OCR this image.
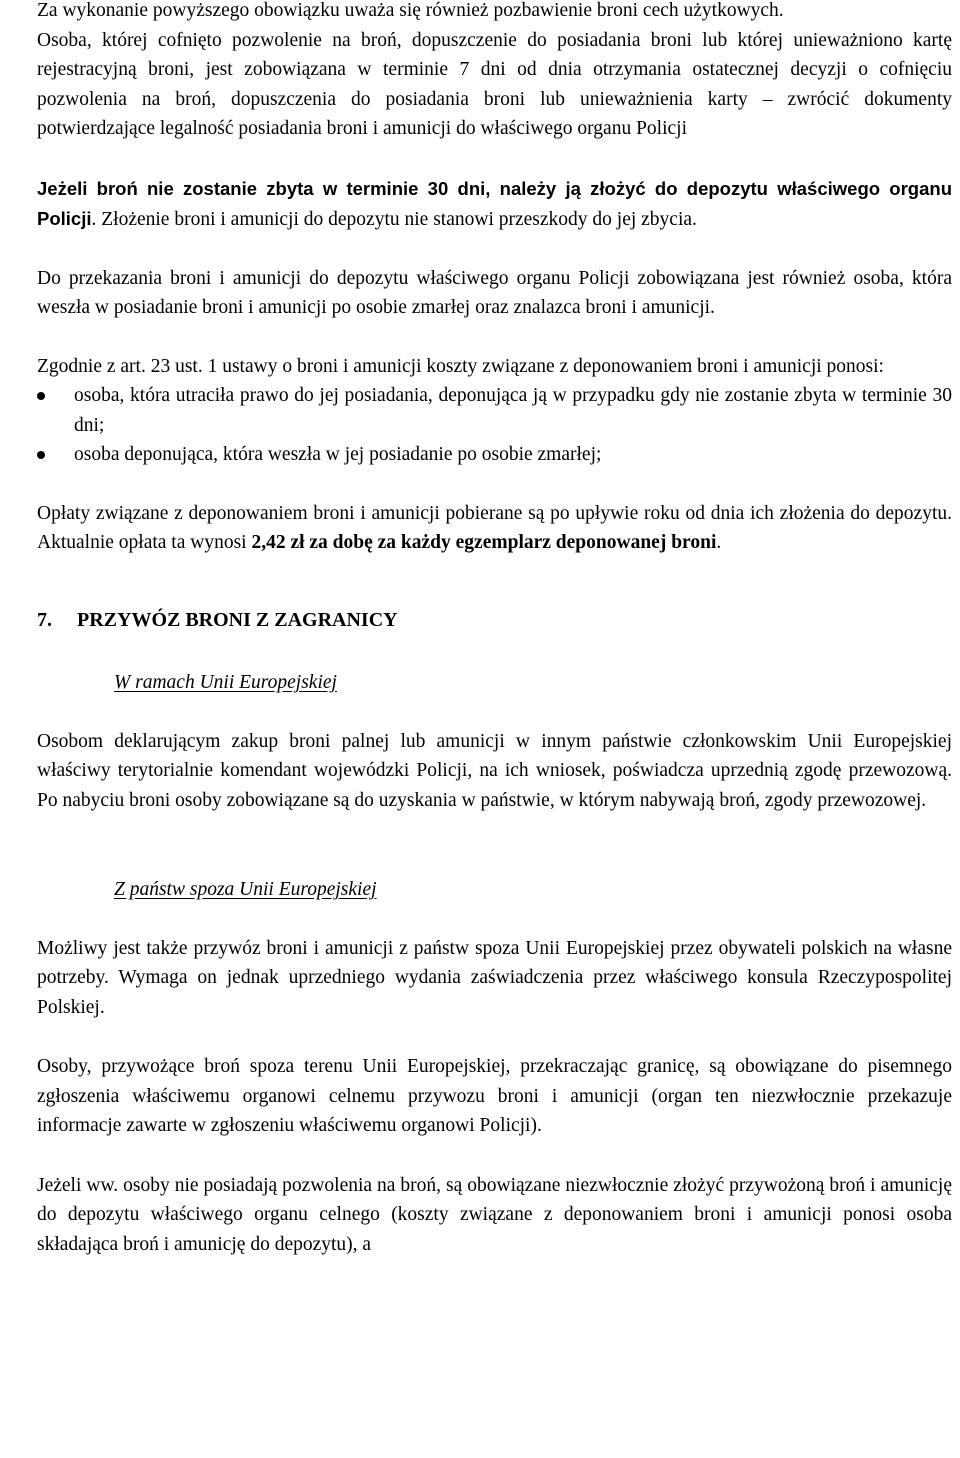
Za wykonanie powyższego obowiązku uważa się również pozbawienie broni cech użytkowych.

Osoba, której cofnięto pozwolenie na broń, dopuszczenie do posiadania broni lub której unieważniono kartę rejestracyjną broni, jest zobowiązana w terminie 7 dni od dnia otrzymania ostatecznej decyzji o cofnięciu pozwolenia na broń, dopuszczenia do posiadania broni lub unieważnienia karty – zwrócić dokumenty potwierdzające legalność posiadania broni i amunicji do właściwego organu Policji

Jeżeli broń nie zostanie zbyta w terminie 30 dni, należy ją złożyć do depozytu właściwego organu Policji. Złożenie broni i amunicji do depozytu nie stanowi przeszkody do jej zbycia.

Do przekazania broni i amunicji do depozytu właściwego organu Policji zobowiązana jest również osoba, która weszła w posiadanie broni i amunicji po osobie zmarłej oraz znalazca broni i amunicji.

Zgodnie z art. 23 ust. 1 ustawy o broni i amunicji koszty związane z deponowaniem broni i amunicji ponosi:

osoba, która utraciła prawo do jej posiadania, deponująca ją w przypadku gdy nie zostanie zbyta w terminie 30 dni;
osoba deponująca, która weszła w jej posiadanie po osobie zmarłej;

Opłaty związane z deponowaniem broni i amunicji pobierane są po upływie roku od dnia ich złożenia do depozytu. Aktualnie opłata ta wynosi 2,42 zł za dobę za każdy egzemplarz deponowanej broni.

7.	PRZYWÓZ BRONI Z ZAGRANICY
W ramach Unii Europejskiej

Osobom deklarującym zakup broni palnej lub amunicji w innym państwie członkowskim Unii Europejskiej właściwy terytorialnie komendant wojewódzki Policji, na ich wniosek, poświadcza uprzednią zgodę przewozową. Po nabyciu broni osoby zobowiązane są do uzyskania w państwie, w którym nabywają broń, zgody przewozowej.

Z państw spoza Unii Europejskiej

Możliwy jest także przywóz broni i amunicji z państw spoza Unii Europejskiej przez obywateli polskich na własne potrzeby. Wymaga on jednak uprzedniego wydania zaświadczenia przez właściwego konsula Rzeczypospolitej Polskiej.

Osoby, przywożące broń spoza terenu Unii Europejskiej, przekraczając granicę, są obowiązane do pisemnego zgłoszenia właściwemu organowi celnemu przywozu broni i amunicji (organ ten niezwłocznie przekazuje informacje zawarte w zgłoszeniu właściwemu organowi Policji).

Jeżeli ww. osoby nie posiadają pozwolenia na broń, są obowiązane niezwłocznie złożyć przywożoną broń i amunicję do depozytu właściwego organu celnego (koszty związane z deponowaniem broni i amunicji ponosi osoba składająca broń i amunicję do depozytu), a
